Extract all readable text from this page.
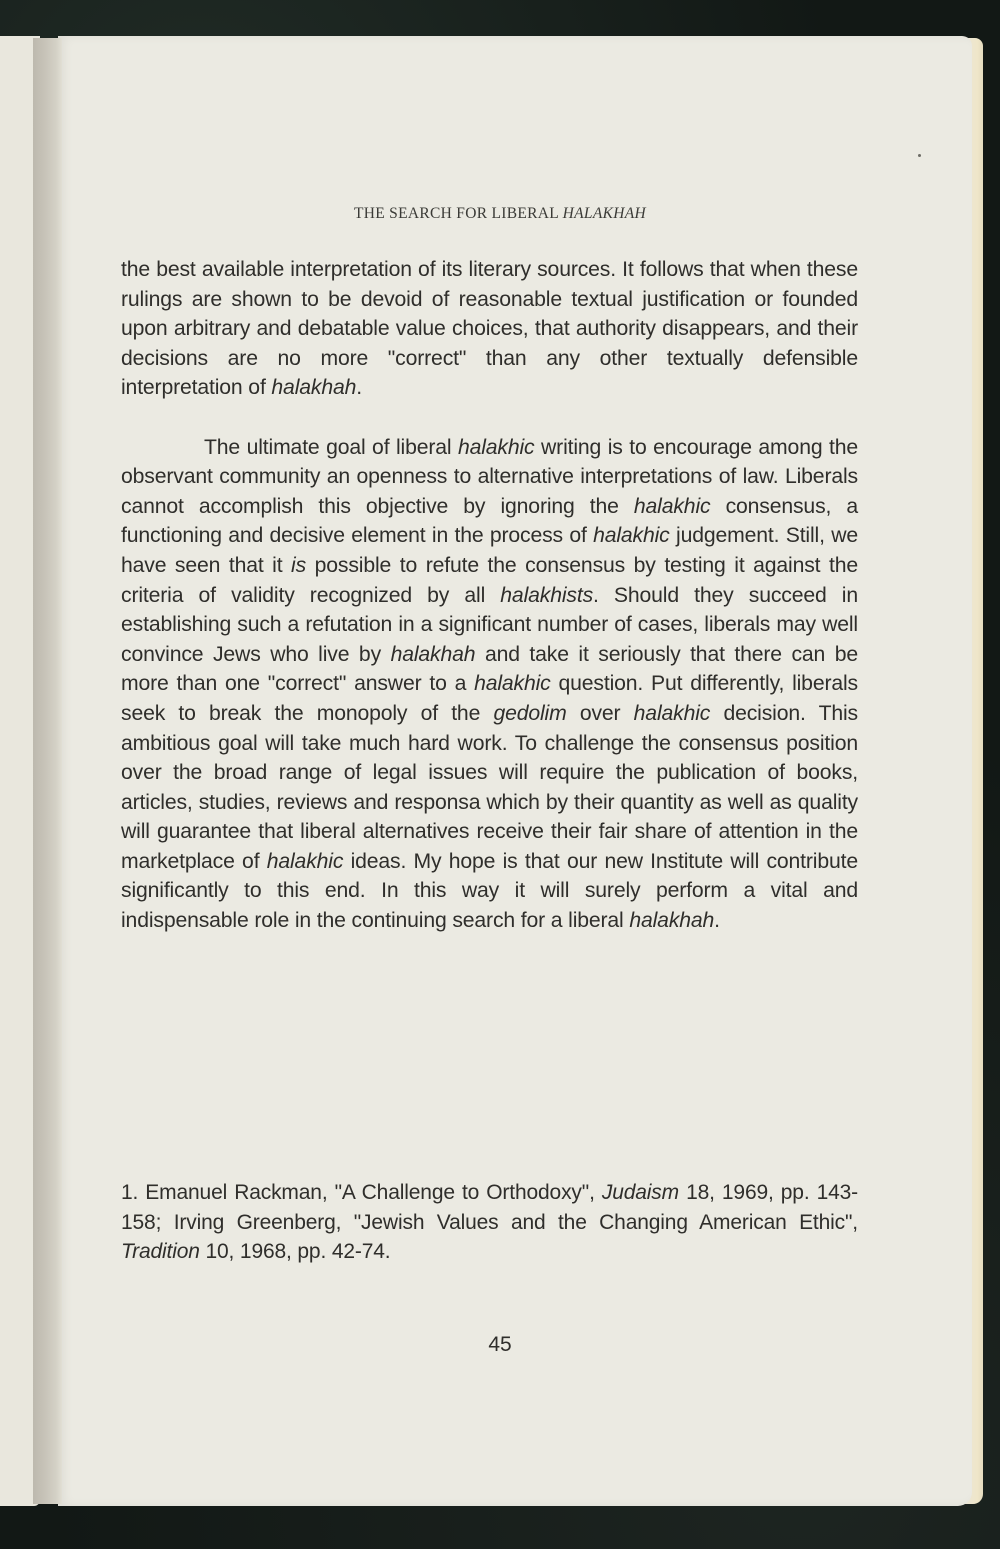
THE SEARCH FOR LIBERAL HALAKHAH

the best available interpretation of its literary sources. It follows that when these rulings are shown to be devoid of reasonable textual justification or founded upon arbitrary and debatable value choices, that authority disappears, and their decisions are no more "correct" than any other textually defensible interpretation of halakhah.

The ultimate goal of liberal halakhic writing is to encourage among the observant community an openness to alternative interpretations of law. Liberals cannot accomplish this objective by ignoring the halakhic consensus, a functioning and decisive element in the process of halakhic judgement. Still, we have seen that it is possible to refute the consensus by testing it against the criteria of validity recognized by all halakhists. Should they succeed in establishing such a refutation in a significant number of cases, liberals may well convince Jews who live by halakhah and take it seriously that there can be more than one "correct" answer to a halakhic question. Put differently, liberals seek to break the monopoly of the gedolim over halakhic decision. This ambitious goal will take much hard work. To challenge the consensus position over the broad range of legal issues will require the publication of books, articles, studies, reviews and responsa which by their quantity as well as quality will guarantee that liberal alternatives receive their fair share of attention in the marketplace of halakhic ideas. My hope is that our new Institute will contribute significantly to this end. In this way it will surely perform a vital and indispensable role in the continuing search for a liberal halakhah.

1. Emanuel Rackman, "A Challenge to Orthodoxy", Judaism 18, 1969, pp. 143-158; Irving Greenberg, "Jewish Values and the Changing American Ethic", Tradition 10, 1968, pp. 42-74.

45
